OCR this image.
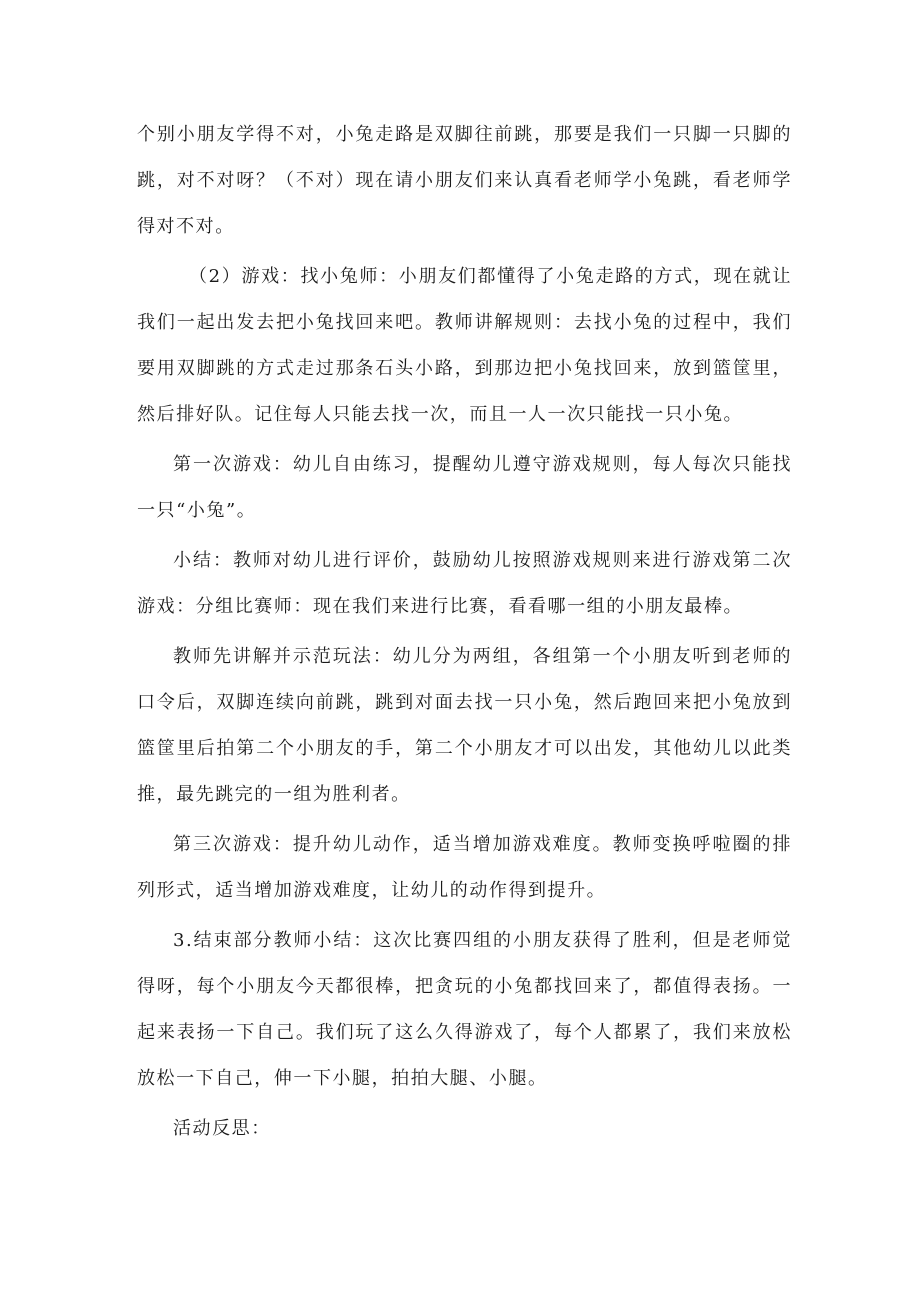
个别小朋友学得不对，小兔走路是双脚往前跳，那要是我们一只脚一只脚的跳，对不对呀？（不对）现在请小朋友们来认真看老师学小兔跳，看老师学得对不对。

（2）游戏：找小兔师：小朋友们都懂得了小兔走路的方式，现在就让我们一起出发去把小兔找回来吧。教师讲解规则：去找小兔的过程中，我们要用双脚跳的方式走过那条石头小路，到那边把小兔找回来，放到篮筐里，然后排好队。记住每人只能去找一次，而且一人一次只能找一只小兔。

第一次游戏：幼儿自由练习，提醒幼儿遵守游戏规则，每人每次只能找一只“小兔”。

小结：教师对幼儿进行评价，鼓励幼儿按照游戏规则来进行游戏第二次游戏：分组比赛师：现在我们来进行比赛，看看哪一组的小朋友最棒。

教师先讲解并示范玩法：幼儿分为两组，各组第一个小朋友听到老师的口令后，双脚连续向前跳，跳到对面去找一只小兔，然后跑回来把小兔放到篮筐里后拍第二个小朋友的手，第二个小朋友才可以出发，其他幼儿以此类推，最先跳完的一组为胜利者。

第三次游戏：提升幼儿动作，适当增加游戏难度。教师变换呼啦圈的排列形式，适当增加游戏难度，让幼儿的动作得到提升。

3.结束部分教师小结：这次比赛四组的小朋友获得了胜利，但是老师觉得呀，每个小朋友今天都很棒，把贪玩的小兔都找回来了，都值得表扬。一起来表扬一下自己。我们玩了这么久得游戏了，每个人都累了，我们来放松放松一下自己，伸一下小腿，拍拍大腿、小腿。

活动反思：
